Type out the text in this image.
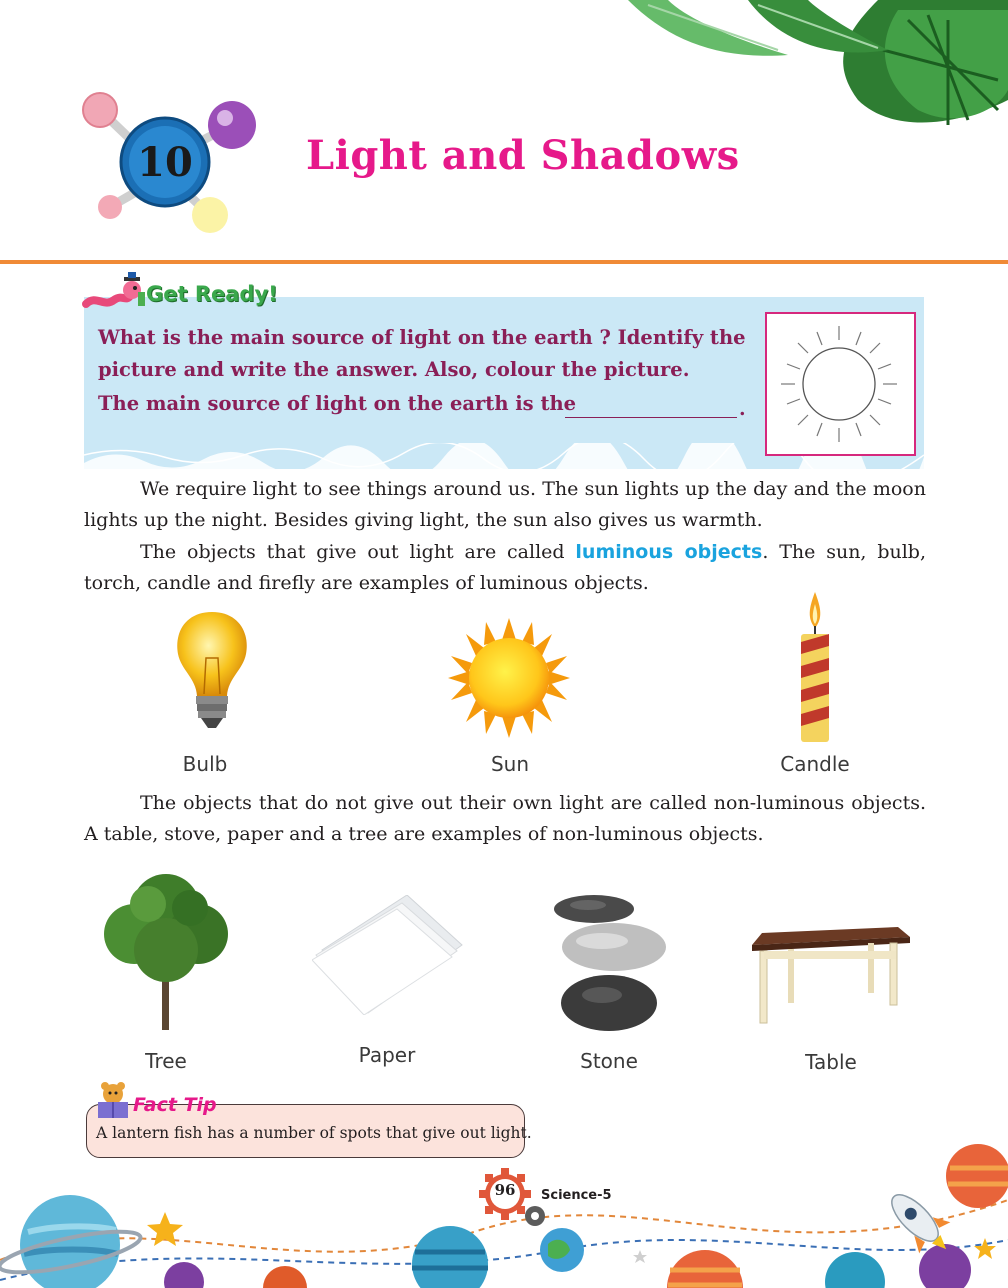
10	Light and Shadows
Get Ready!
What is the main source of light on the earth ? Identify the
picture and write the answer. Also, colour the picture.
The main source of light on the earth is the	.

We require light to see things around us. The sun lights up the day and the moon lights up the night. Besides giving light, the sun also gives us warmth.

The objects that give out light are called luminous objects. The sun, bulb, torch, candle and firefly are examples of luminous objects.

Bulb	Sun	Candle

The objects that do not give out their own light are called non-luminous objects. A table, stove, paper and a tree are examples of non-luminous objects.

Tree	Paper	Stone	Table
Fact Tip
A lantern fish has a number of spots that give out light.
96 Science-5
